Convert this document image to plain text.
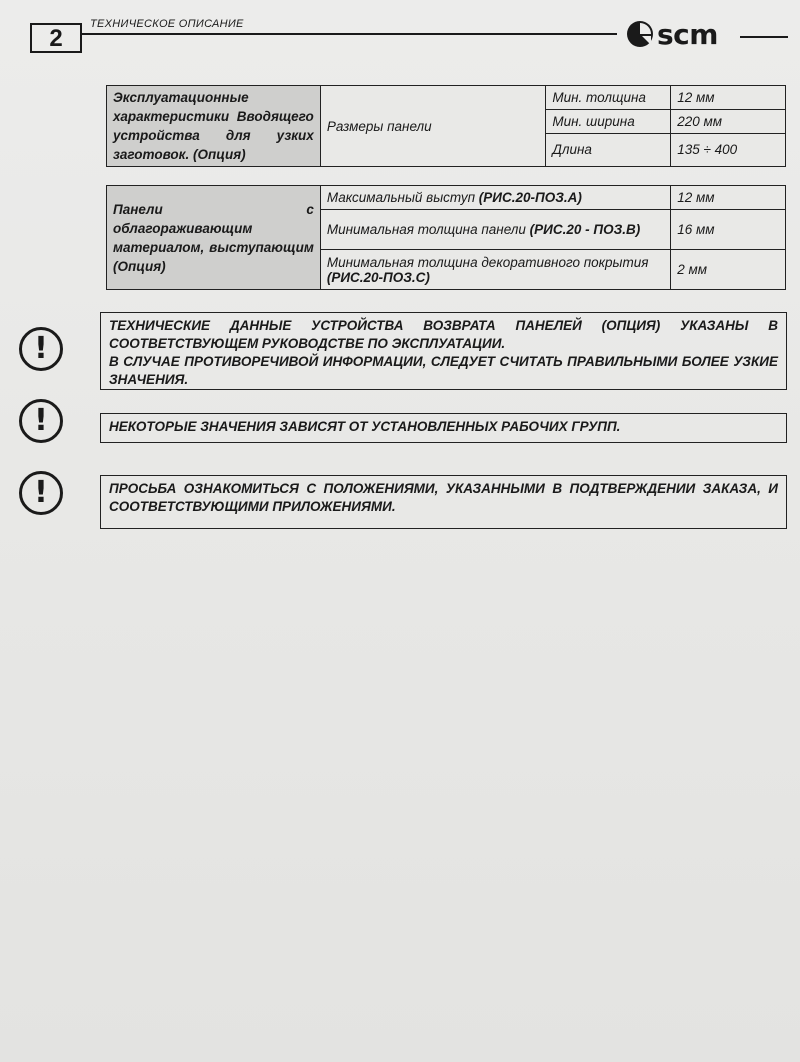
2
ТЕХНИЧЕСКОЕ ОПИСАНИЕ	scm
Эксплуатационные характеристики Вводящего устройства для узких заготовок. (Опция)	Размеры панели	Мин. толщина	12 мм
		Мин. ширина	220 мм
		Длина	135 ÷ 400
Панели с облагораживающим материалом, выступающим (Опция)	Максимальный выступ (РИС.20-ПОЗ.А)	12 мм
	Минимальная толщина панели (РИС.20 - ПОЗ.В)	16 мм
	Минимальная толщина декоративного покрытия (РИС.20-ПОЗ.С)	2 мм
!

ТЕХНИЧЕСКИЕ ДАННЫЕ УСТРОЙСТВА ВОЗВРАТА ПАНЕЛЕЙ (ОПЦИЯ) УКАЗАНЫ В СООТВЕТСТВУЮЩЕМ РУКОВОДСТВЕ ПО ЭКСПЛУАТАЦИИ.

В СЛУЧАЕ ПРОТИВОРЕЧИВОЙ ИНФОРМАЦИИ, СЛЕДУЕТ СЧИТАТЬ ПРАВИЛЬНЫМИ БОЛЕЕ УЗКИЕ ЗНАЧЕНИЯ.

!	НЕКОТОРЫЕ ЗНАЧЕНИЯ ЗАВИСЯТ ОТ УСТАНОВЛЕННЫХ РАБОЧИХ ГРУПП.

!	ПРОСЬБА ОЗНАКОМИТЬСЯ С ПОЛОЖЕНИЯМИ, УКАЗАННЫМИ В ПОДТВЕРЖДЕНИИ ЗАКАЗА, И СООТВЕТСТВУЮЩИМИ ПРИЛОЖЕНИЯМИ.
